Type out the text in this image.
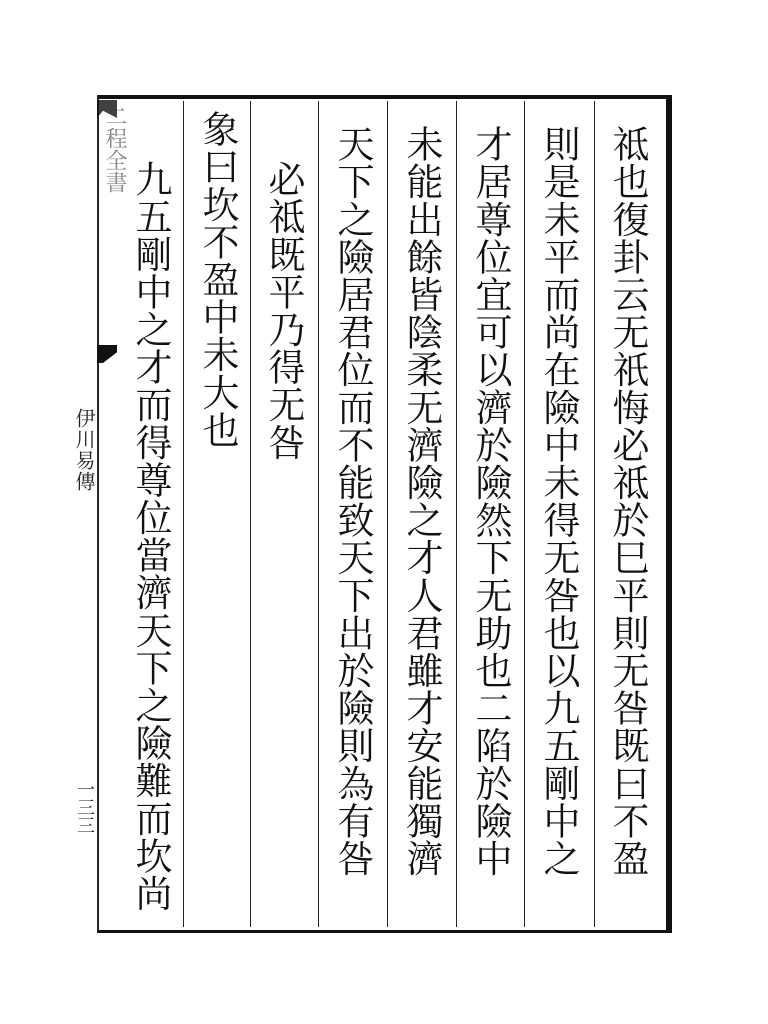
祗也復卦云无祇悔必祗於巳平則无咎既曰不盈
則是未平而尚在險中未得无咎也以九五剛中之
才居尊位宜可以濟於險然下无助也二陷於險中
未能出餘皆陰柔无濟險之才人君雖才安能獨濟
天下之險居君位而不能致天下出於險則為有咎
必祗既平乃得无咎
象曰坎不盈中未大也
九五剛中之才而得尊位當濟天下之險難而坎尚
二程全書
伊川易傳
一三三
